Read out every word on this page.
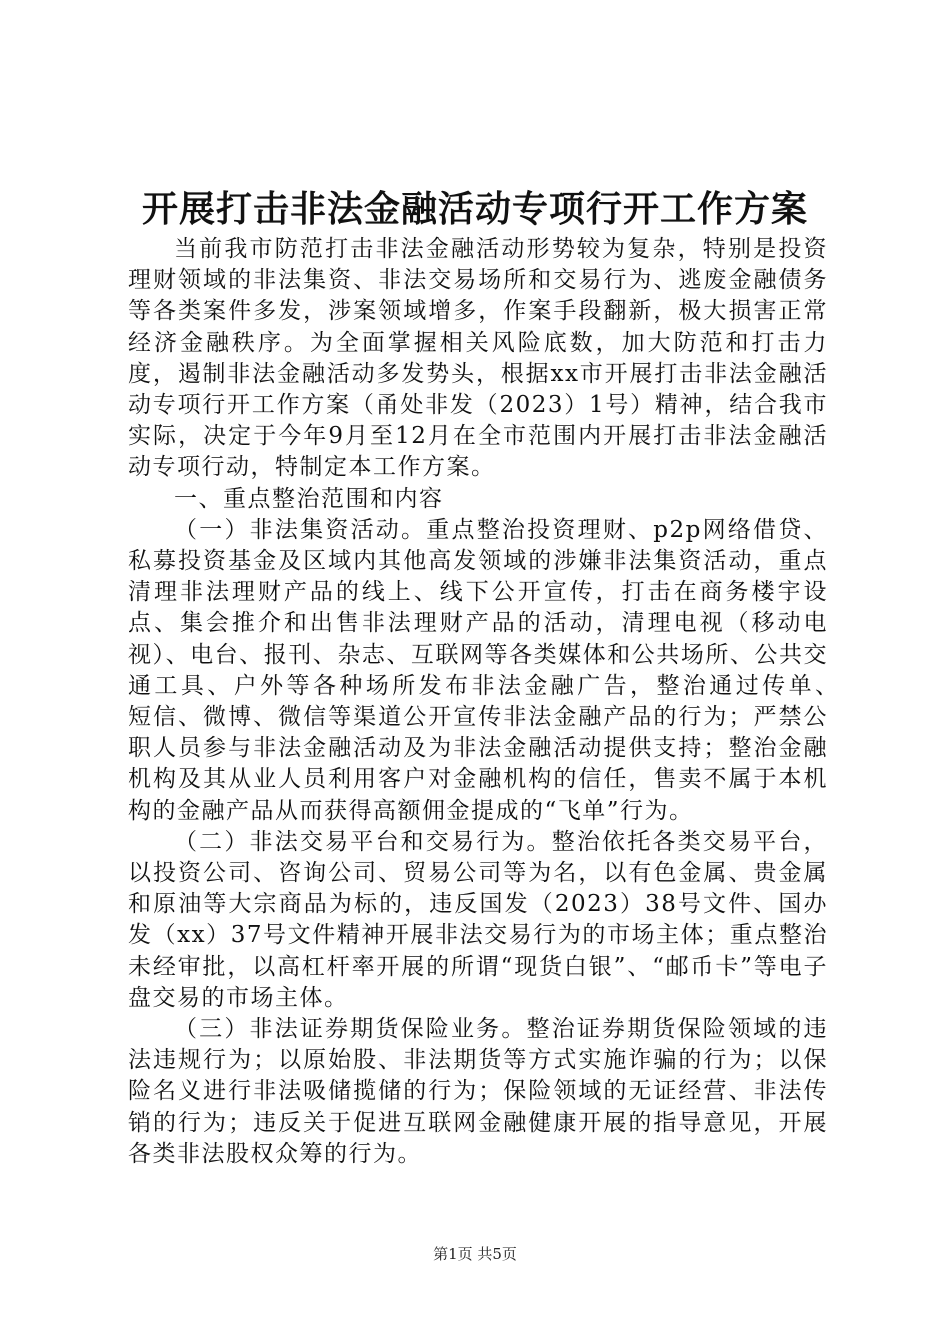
开展打击非法金融活动专项行开工作方案

当前我市防范打击非法金融活动形势较为复杂，特别是投资理财领域的非法集资、非法交易场所和交易行为、逃废金融债务等各类案件多发，涉案领域增多，作案手段翻新，极大损害正常经济金融秩序。为全面掌握相关风险底数，加大防范和打击力度，遏制非法金融活动多发势头，根据xx市开展打击非法金融活动专项行开工作方案（甬处非发（2023）1号）精神，结合我市实际，决定于今年9月至12月在全市范围内开展打击非法金融活动专项行动，特制定本工作方案。

一、重点整治范围和内容

（一）非法集资活动。重点整治投资理财、p2p网络借贷、私募投资基金及区域内其他高发领域的涉嫌非法集资活动，重点清理非法理财产品的线上、线下公开宣传，打击在商务楼宇设点、集会推介和出售非法理财产品的活动，清理电视（移动电视）、电台、报刊、杂志、互联网等各类媒体和公共场所、公共交通工具、户外等各种场所发布非法金融广告，整治通过传单、　　短信、微博、微信等渠道公开宣传非法金融产品的行为；严禁公职人员参与非法金融活动及为非法金融活动提供支持；整治金融机构及其从业人员利用客户对金融机构的信任，售卖不属于本机构的金融产品从而获得高额佣金提成的“飞单”行为。

（二）非法交易平台和交易行为。整治依托各类交易平台，以投资公司、咨询公司、贸易公司等为名，以有色金属、贵金属和原油等大宗商品为标的，违反国发（2023）38号文件、国办发（xx）37号文件精神开展非法交易行为的市场主体；重点整治未经审批，以高杠杆率开展的所谓“现货白银”、“邮币卡”等电子盘交易的市场主体。

（三）非法证券期货保险业务。整治证券期货保险领域的违法违规行为；以原始股、非法期货等方式实施诈骗的行为；以保险名义进行非法吸储揽储的行为；保险领域的无证经营、非法传销的行为；违反关于促进互联网金融健康开展的指导意见，开展各类非法股权众筹的行为。

第1页 共5页
